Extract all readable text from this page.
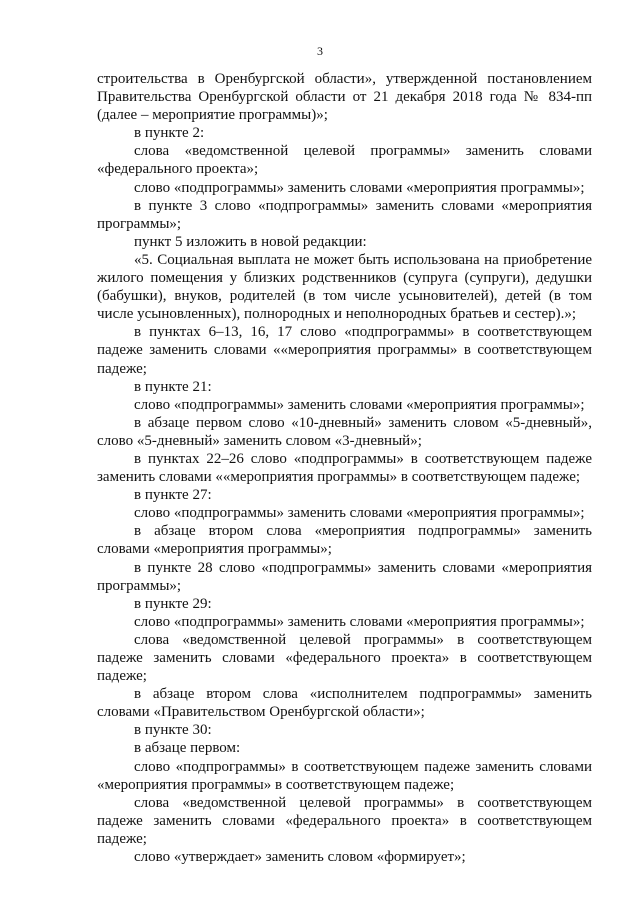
3

строительства в Оренбургской области», утвержденной постановлением Правительства Оренбургской области от 21 декабря 2018 года № 834-пп (далее – мероприятие программы)»;

в пункте 2:

слова «ведомственной целевой программы» заменить словами «федерального проекта»;

слово «подпрограммы» заменить словами «мероприятия программы»;

в пункте 3 слово «подпрограммы» заменить словами «мероприятия программы»;

пункт 5 изложить в новой редакции:

«5. Социальная выплата не может быть использована на приобретение жилого помещения у близких родственников (супруга (супруги), дедушки (бабушки), внуков, родителей (в том числе усыновителей), детей (в том числе усыновленных), полнородных и неполнородных братьев и сестер).»;

в пунктах 6–13, 16, 17 слово «подпрограммы» в соответствующем падеже заменить словами ««мероприятия программы» в соответствующем падеже;

в пункте 21:

слово «подпрограммы» заменить словами «мероприятия программы»;

в абзаце первом слово «10-дневный» заменить словом «5-дневный», слово «5-дневный» заменить словом «3-дневный»;

в пунктах 22–26 слово «подпрограммы» в соответствующем падеже заменить словами ««мероприятия программы» в соответствующем падеже;

в пункте 27:

слово «подпрограммы» заменить словами «мероприятия программы»;

в абзаце втором слова «мероприятия подпрограммы» заменить словами «мероприятия программы»;

в пункте 28 слово «подпрограммы» заменить словами «мероприятия программы»;

в пункте 29:

слово «подпрограммы» заменить словами «мероприятия программы»;

слова «ведомственной целевой программы» в соответствующем падеже заменить словами «федерального проекта» в соответствующем падеже;

в абзаце втором слова «исполнителем подпрограммы» заменить словами «Правительством Оренбургской области»;

в пункте 30:

в абзаце первом:

слово «подпрограммы» в соответствующем падеже заменить словами «мероприятия программы» в соответствующем падеже;

слова «ведомственной целевой программы» в соответствующем падеже заменить словами «федерального проекта» в соответствующем падеже;

слово «утверждает» заменить словом «формирует»;
